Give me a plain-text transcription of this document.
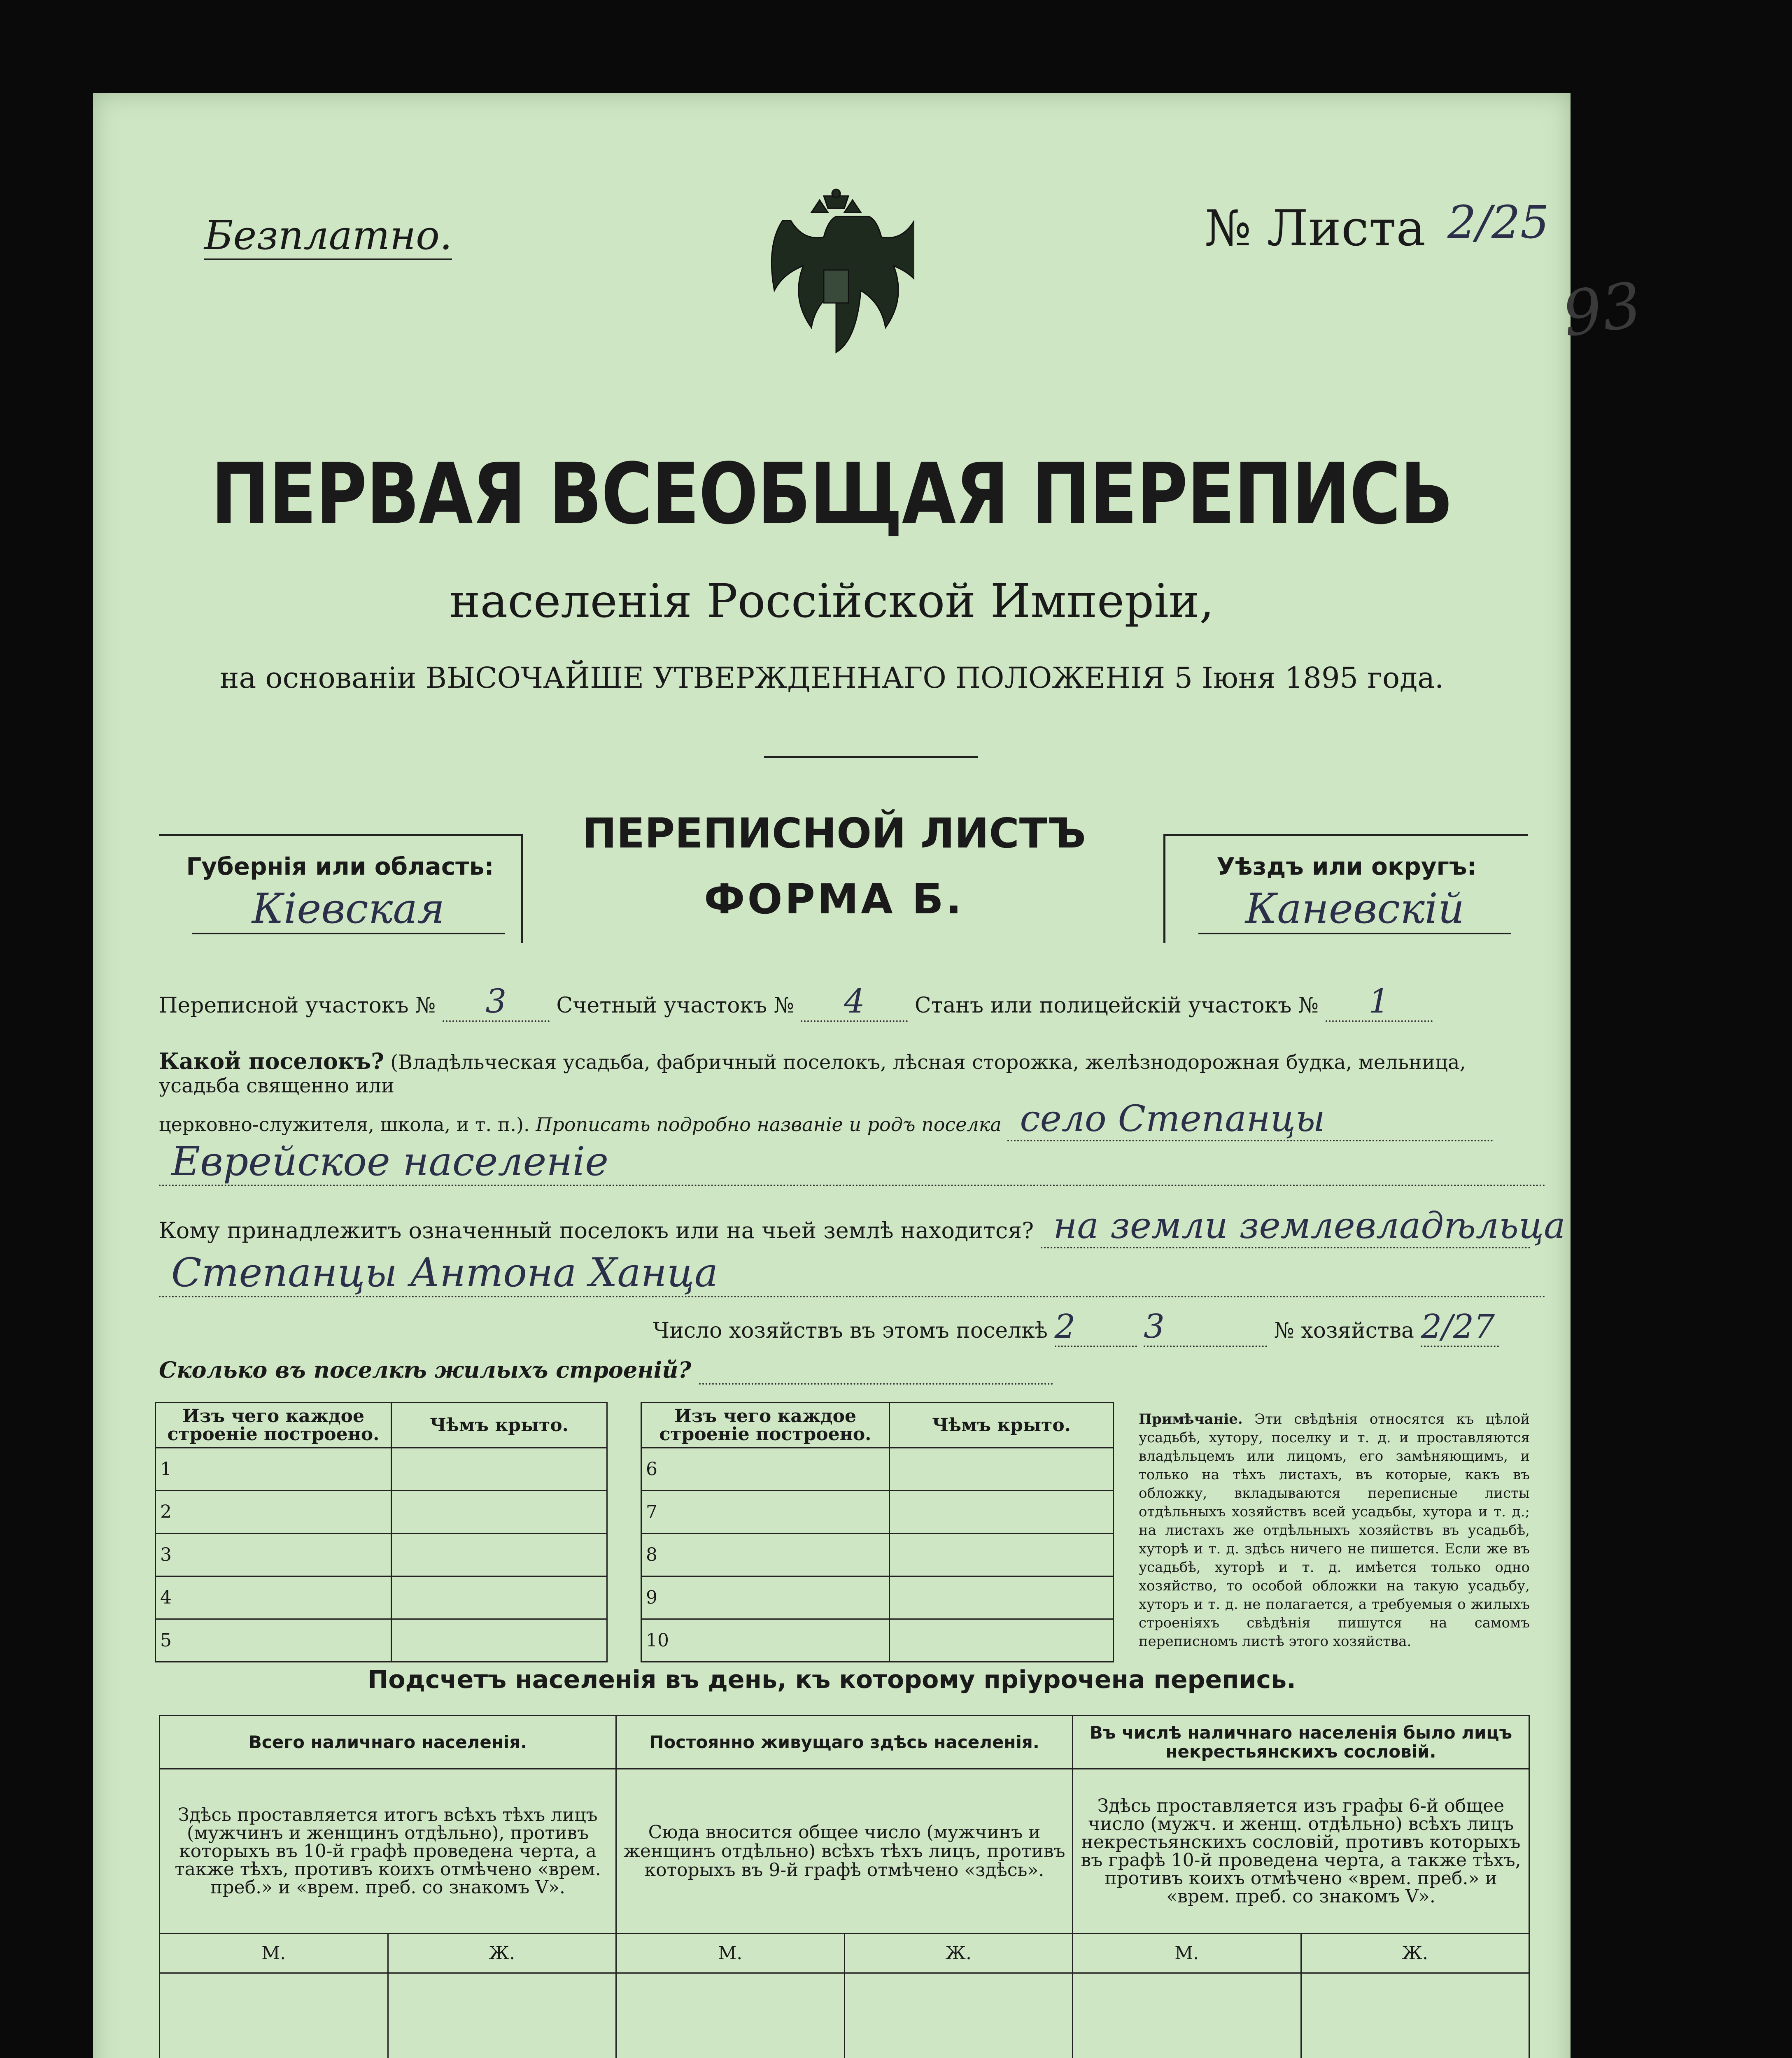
Безплатно.	№ Листа 2/25
93
ПЕРВАЯ ВСЕОБЩАЯ ПЕРЕПИСЬ
населенія Россійской Имперіи,
на основаніи ВЫСОЧАЙШЕ УТВЕРЖДЕННАГО ПОЛОЖЕНІЯ 5 Іюня 1895 года.
Губернія или область:
Кіевская
ПЕРЕПИСНОЙ ЛИСТЪ
ФОРМА Б.
Уѣздъ или округъ:
Каневскій
Переписной участокъ № 3 Счетный участокъ № 4 Станъ или полицейскій участокъ № 1
Какой поселокъ? (Владѣльческая усадьба, фабричный поселокъ, лѣсная сторожка, желѣзнодорожная будка, мельница, усадьба священно или
церковно-служителя, школа, и т. п.). Прописать подробно названіе и родъ поселка село Степанцы
Еврейское населеніе
Кому принадлежитъ означенный поселокъ или на чьей землѣ находится? на земли землевладѣльца
Степанцы Антона Ханца
Число хозяйствъ въ этомъ поселкѣ 2 3	№ хозяйства 2/27
Сколько въ поселкѣ жилыхъ строеній?
Изъ чего каждое строеніе построено.	Чѣмъ крыто.
1	
2	
3	
4	
5	
Изъ чего каждое строеніе построено.	Чѣмъ крыто.
6	
7	
8	
9	
10	
Примѣчаніе. Эти свѣдѣнія относятся къ цѣлой усадьбѣ, хутору, поселку и т. д. и проставляются владѣльцемъ или лицомъ, его замѣняющимъ, и только на тѣхъ листахъ, въ которые, какъ въ обложку, вкладываются переписные листы отдѣльныхъ хозяйствъ всей усадьбы, хутора и т. д.; на листахъ же отдѣльныхъ хозяйствъ въ усадьбѣ, хуторѣ и т. д. здѣсь ничего не пишется. Если же въ усадьбѣ, хуторѣ и т. д. имѣется только одно хозяйство, то особой обложки на такую усадьбу, хуторъ и т. д. не полагается, а требуемыя о жилыхъ строеніяхъ свѣдѣнія пишутся на самомъ переписномъ листѣ этого хозяйства.
Подсчетъ населенія въ день, къ которому пріурочена перепись.
Всего наличнаго населенія.		Постоянно живущаго здѣсь населенія.		Въ числѣ наличнаго населенія было лицъ некрестьянскихъ сословій.	
Здѣсь проставляется итогъ всѣхъ тѣхъ лицъ (мужчинъ и женщинъ отдѣльно), противъ которыхъ въ 10-й графѣ проведена черта, а также тѣхъ, противъ коихъ отмѣчено «врем. преб.» и «врем. преб. со знакомъ V».		Сюда вносится общее число (мужчинъ и женщинъ отдѣльно) всѣхъ тѣхъ лицъ, противъ которыхъ въ 9-й графѣ отмѣчено «здѣсь».		Здѣсь проставляется изъ графы 6-й общее число (мужч. и женщ. отдѣльно) всѣхъ лицъ некрестьянскихъ сословій, противъ которыхъ въ графѣ 10-й проведена черта, а также тѣхъ, противъ коихъ отмѣчено «врем. преб.» и «врем. преб. со знакомъ V».	
М.	Ж.	М.	Ж.	М.	Ж.
